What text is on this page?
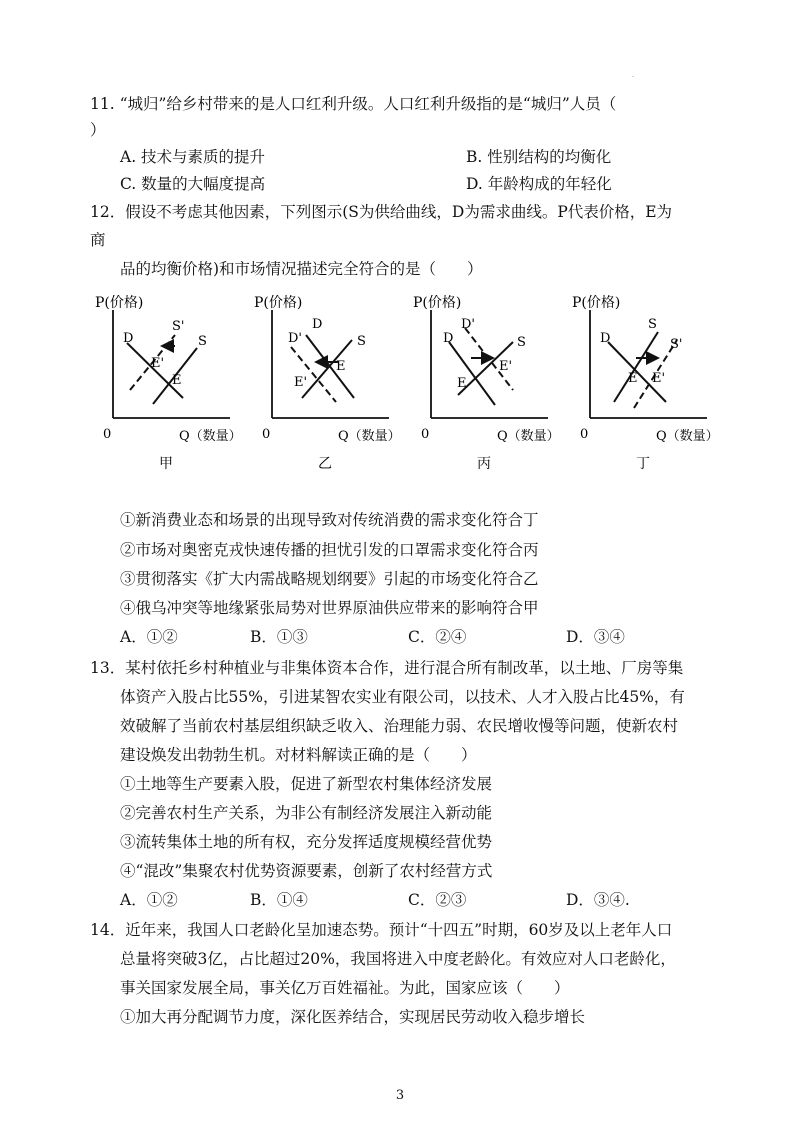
·
11. “城归”给乡村带来的是人口红利升级。人口红利升级指的是“城归”人员（
）
A. 技术与素质的提升	B. 性别结构的均衡化
C. 数量的大幅度提高	D. 年龄构成的年轻化
12．假设不考虑其他因素，下列图示(S为供给曲线，D为需求曲线。P代表价格，E为
商
品的均衡价格)和市场情况描述完全符合的是（　　）
P(价格)
0	Q（数量）
D
S'
S
E'
E
甲
P(价格)
0	Q（数量）
D'
D
S
E'
E
乙
P(价格)
0	Q（数量）
D
D'
S
E'
E
丙
P(价格)
0	Q（数量）
D
S
S'
E E'
丁
①新消费业态和场景的出现导致对传统消费的需求变化符合丁
②市场对奥密克戎快速传播的担忧引发的口罩需求变化符合丙
③贯彻落实《扩大内需战略规划纲要》引起的市场变化符合乙
④俄乌冲突等地缘紧张局势对世界原油供应带来的影响符合甲
A．①②	B．①③	C．②④	D．③④
13．某村依托乡村种植业与非集体资本合作，进行混合所有制改革，以土地、厂房等集
体资产入股占比55%，引进某智农实业有限公司，以技术、人才入股占比45%，有
效破解了当前农村基层组织缺乏收入、治理能力弱、农民增收慢等问题，使新农村
建设焕发出勃勃生机。对材料解读正确的是（　　）
①土地等生产要素入股，促进了新型农村集体经济发展
②完善农村生产关系，为非公有制经济发展注入新动能
③流转集体土地的所有权，充分发挥适度规模经营优势
④“混改”集聚农村优势资源要素，创新了农村经营方式
A．①②	B．①④	C．②③	D．③④.
14．近年来，我国人口老龄化呈加速态势。预计“十四五”时期，60岁及以上老年人口
总量将突破3亿，占比超过20%，我国将进入中度老龄化。有效应对人口老龄化，
事关国家发展全局，事关亿万百姓福祉。为此，国家应该（　　）
①加大再分配调节力度，深化医养结合，实现居民劳动收入稳步增长
3
